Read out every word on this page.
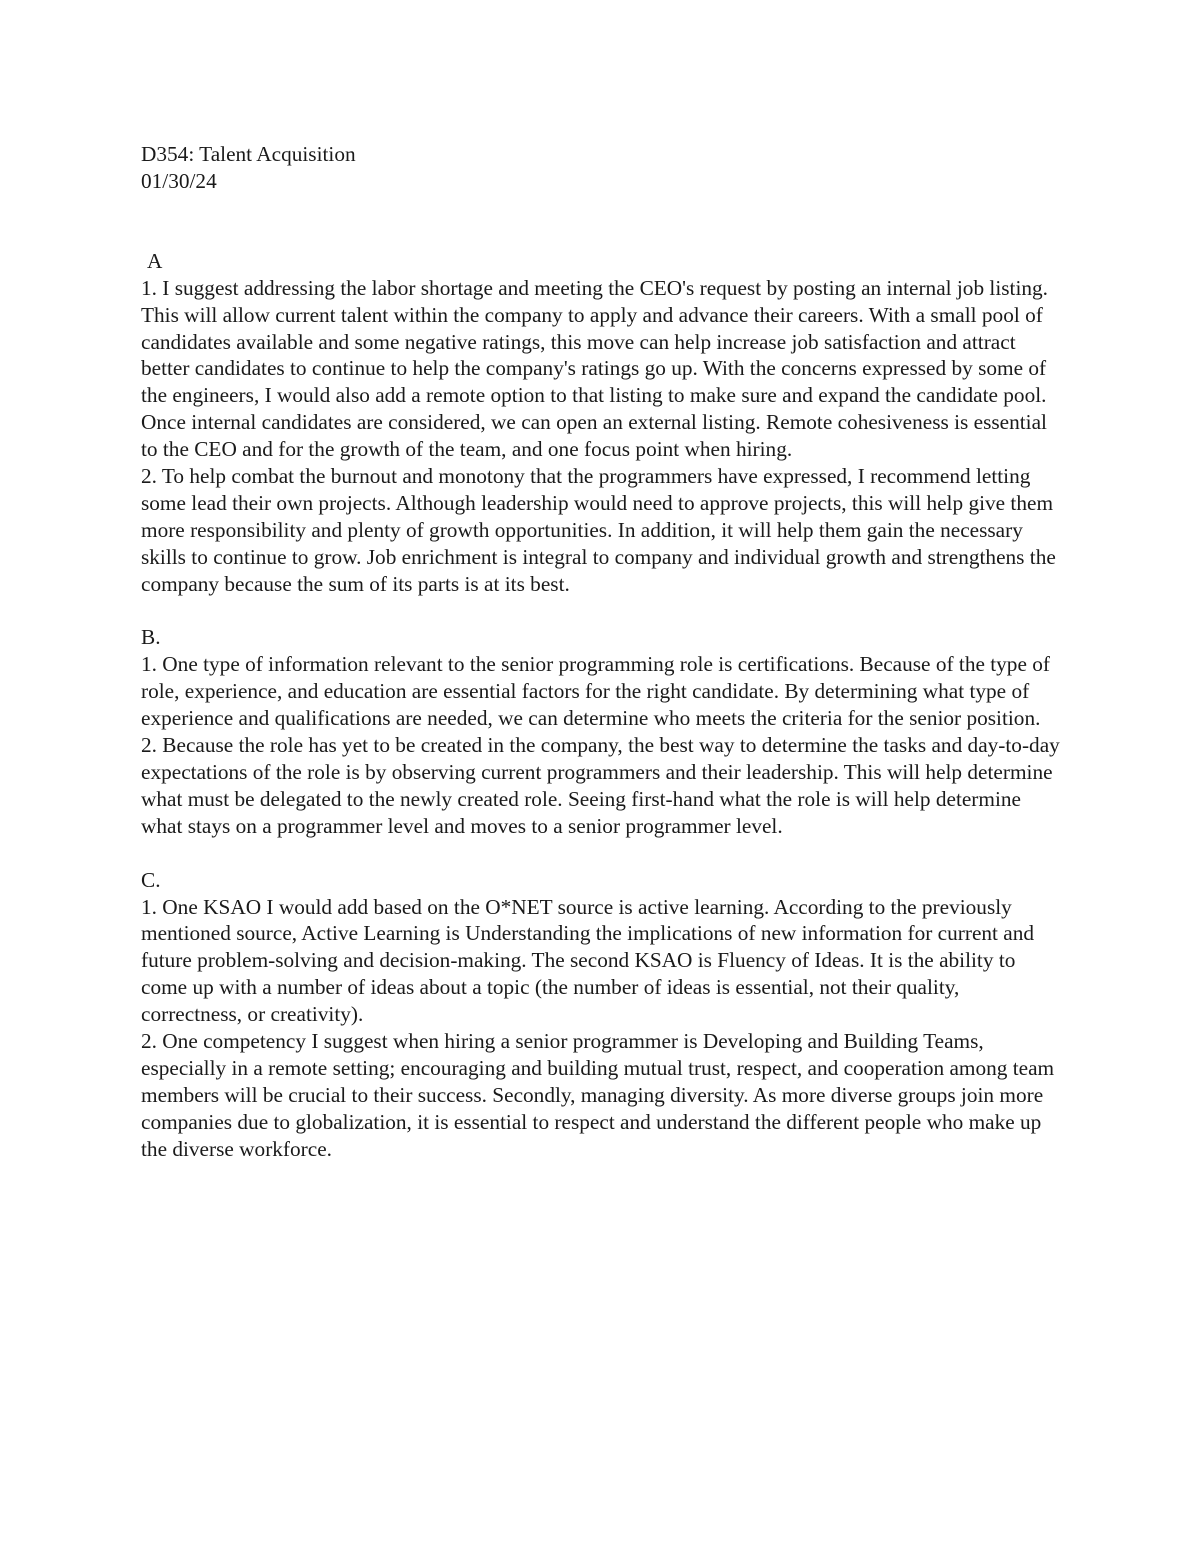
D354: Talent Acquisition

01/30/24

A

1. I suggest addressing the labor shortage and meeting the CEO's request by posting an internal job listing. This will allow current talent within the company to apply and advance their careers. With a small pool of candidates available and some negative ratings, this move can help increase job satisfaction and attract better candidates to continue to help the company's ratings go up. With the concerns expressed by some of the engineers, I would also add a remote option to that listing to make sure and expand the candidate pool. Once internal candidates are considered, we can open an external listing. Remote cohesiveness is essential to the CEO and for the growth of the team, and one focus point when hiring.

2. To help combat the burnout and monotony that the programmers have expressed, I recommend letting some lead their own projects. Although leadership would need to approve projects, this will help give them more responsibility and plenty of growth opportunities. In addition, it will help them gain the necessary skills to continue to grow. Job enrichment is integral to company and individual growth and strengthens the company because the sum of its parts is at its best.

B.

1. One type of information relevant to the senior programming role is certifications. Because of the type of role, experience, and education are essential factors for the right candidate. By determining what type of experience and qualifications are needed, we can determine who meets the criteria for the senior position.

2. Because the role has yet to be created in the company, the best way to determine the tasks and day-to-day expectations of the role is by observing current programmers and their leadership. This will help determine what must be delegated to the newly created role. Seeing first-hand what the role is will help determine what stays on a programmer level and moves to a senior programmer level.

C.

1. One KSAO I would add based on the O*NET source is active learning. According to the previously mentioned source, Active Learning is Understanding the implications of new information for current and future problem-solving and decision-making. The second KSAO is Fluency of Ideas. It is the ability to come up with a number of ideas about a topic (the number of ideas is essential, not their quality, correctness, or creativity).

2. One competency I suggest when hiring a senior programmer is Developing and Building Teams, especially in a remote setting; encouraging and building mutual trust, respect, and cooperation among team members will be crucial to their success. Secondly, managing diversity. As more diverse groups join more companies due to globalization, it is essential to respect and understand the different people who make up the diverse workforce.
